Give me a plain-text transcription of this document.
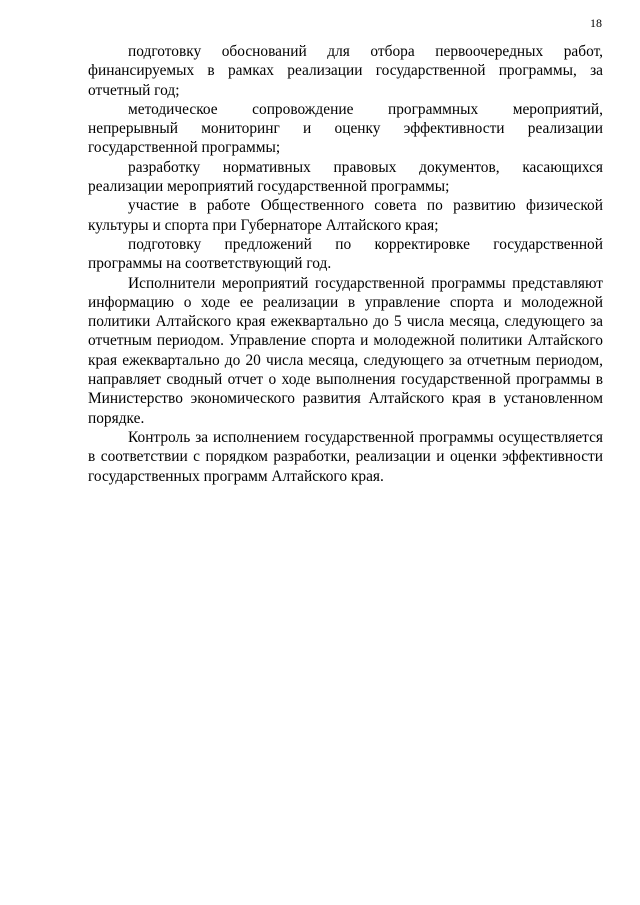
18

подготовку обоснований для отбора первоочередных работ, финансируемых в рамках реализации государственной программы, за отчетный год;

методическое сопровождение программных мероприятий, непрерывный мониторинг и оценку эффективности реализации государственной программы;

разработку нормативных правовых документов, касающихся реализации мероприятий государственной программы;

участие в работе Общественного совета по развитию физической культуры и спорта при Губернаторе Алтайского края;

подготовку предложений по корректировке государственной программы на соответствующий год.

Исполнители мероприятий государственной программы представляют информацию о ходе ее реализации в управление спорта и молодежной политики Алтайского края ежеквартально до 5 числа месяца, следующего за отчетным периодом. Управление спорта и молодежной политики Алтайского края ежеквартально до 20 числа месяца, следующего за отчетным периодом, направляет сводный отчет о ходе выполнения государственной программы в Министерство экономического развития Алтайского края в установленном порядке.

Контроль за исполнением государственной программы осуществляется в соответствии с порядком разработки, реализации и оценки эффективности государственных программ Алтайского края.
